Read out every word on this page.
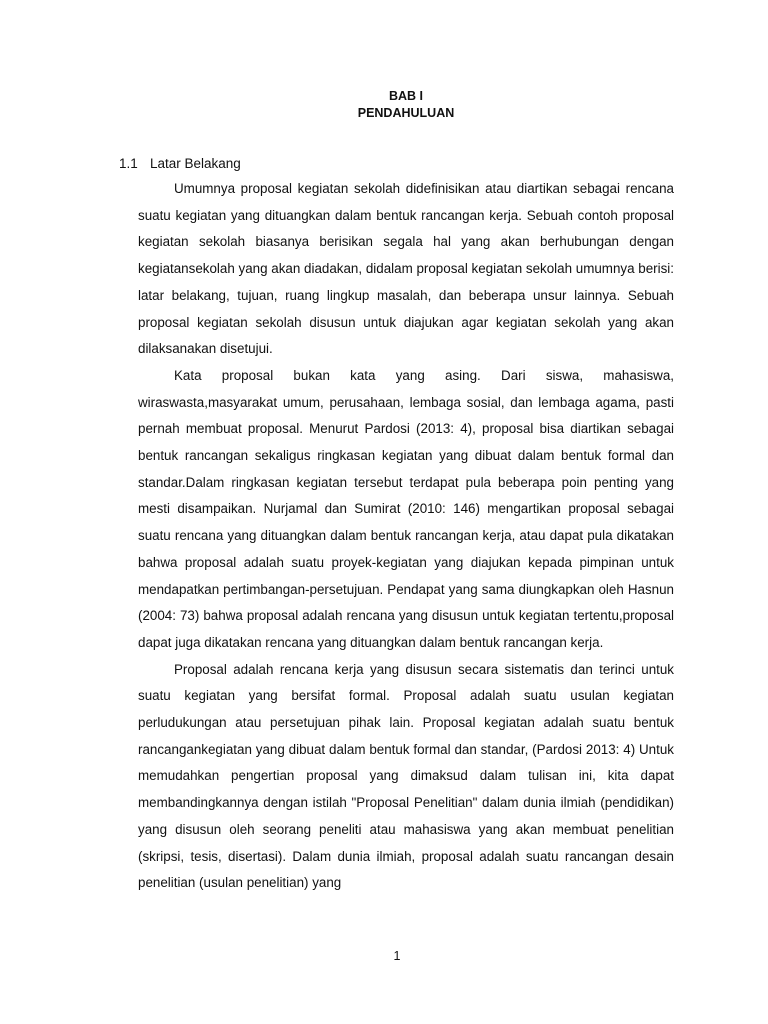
BAB I
PENDAHULUAN
1.1 Latar Belakang

Umumnya proposal kegiatan sekolah didefinisikan atau diartikan sebagai rencana suatu kegiatan yang dituangkan dalam bentuk rancangan kerja. Sebuah contoh proposal kegiatan sekolah biasanya berisikan segala hal yang akan berhubungan dengan kegiatansekolah yang akan diadakan, didalam proposal kegiatan sekolah umumnya berisi: latar belakang, tujuan, ruang lingkup masalah, dan beberapa unsur lainnya. Sebuah proposal kegiatan sekolah disusun untuk diajukan agar kegiatan sekolah yang akan dilaksanakan disetujui.

Kata proposal bukan kata yang asing. Dari siswa, mahasiswa, wiraswasta,masyarakat umum, perusahaan, lembaga sosial, dan lembaga agama, pasti pernah membuat proposal. Menurut Pardosi (2013: 4), proposal bisa diartikan sebagai bentuk rancangan sekaligus ringkasan kegiatan yang dibuat dalam bentuk formal dan standar.Dalam ringkasan kegiatan tersebut terdapat pula beberapa poin penting yang mesti disampaikan. Nurjamal dan Sumirat (2010: 146) mengartikan proposal sebagai suatu rencana yang dituangkan dalam bentuk rancangan kerja, atau dapat pula dikatakan bahwa proposal adalah suatu proyek-kegiatan yang diajukan kepada pimpinan untuk mendapatkan pertimbangan-persetujuan. Pendapat yang sama diungkapkan oleh Hasnun (2004: 73) bahwa proposal adalah rencana yang disusun untuk kegiatan tertentu,proposal dapat juga dikatakan rencana yang dituangkan dalam bentuk rancangan kerja.

Proposal adalah rencana kerja yang disusun secara sistematis dan terinci untuk suatu kegiatan yang bersifat formal. Proposal adalah suatu usulan kegiatan perludukungan atau persetujuan pihak lain. Proposal kegiatan adalah suatu bentuk rancangankegiatan yang dibuat dalam bentuk formal dan standar, (Pardosi 2013: 4) Untuk memudahkan pengertian proposal yang dimaksud dalam tulisan ini, kita dapat membandingkannya dengan istilah "Proposal Penelitian" dalam dunia ilmiah (pendidikan) yang disusun oleh seorang peneliti atau mahasiswa yang akan membuat penelitian (skripsi, tesis, disertasi). Dalam dunia ilmiah, proposal adalah suatu rancangan desain penelitian (usulan penelitian) yang

1
